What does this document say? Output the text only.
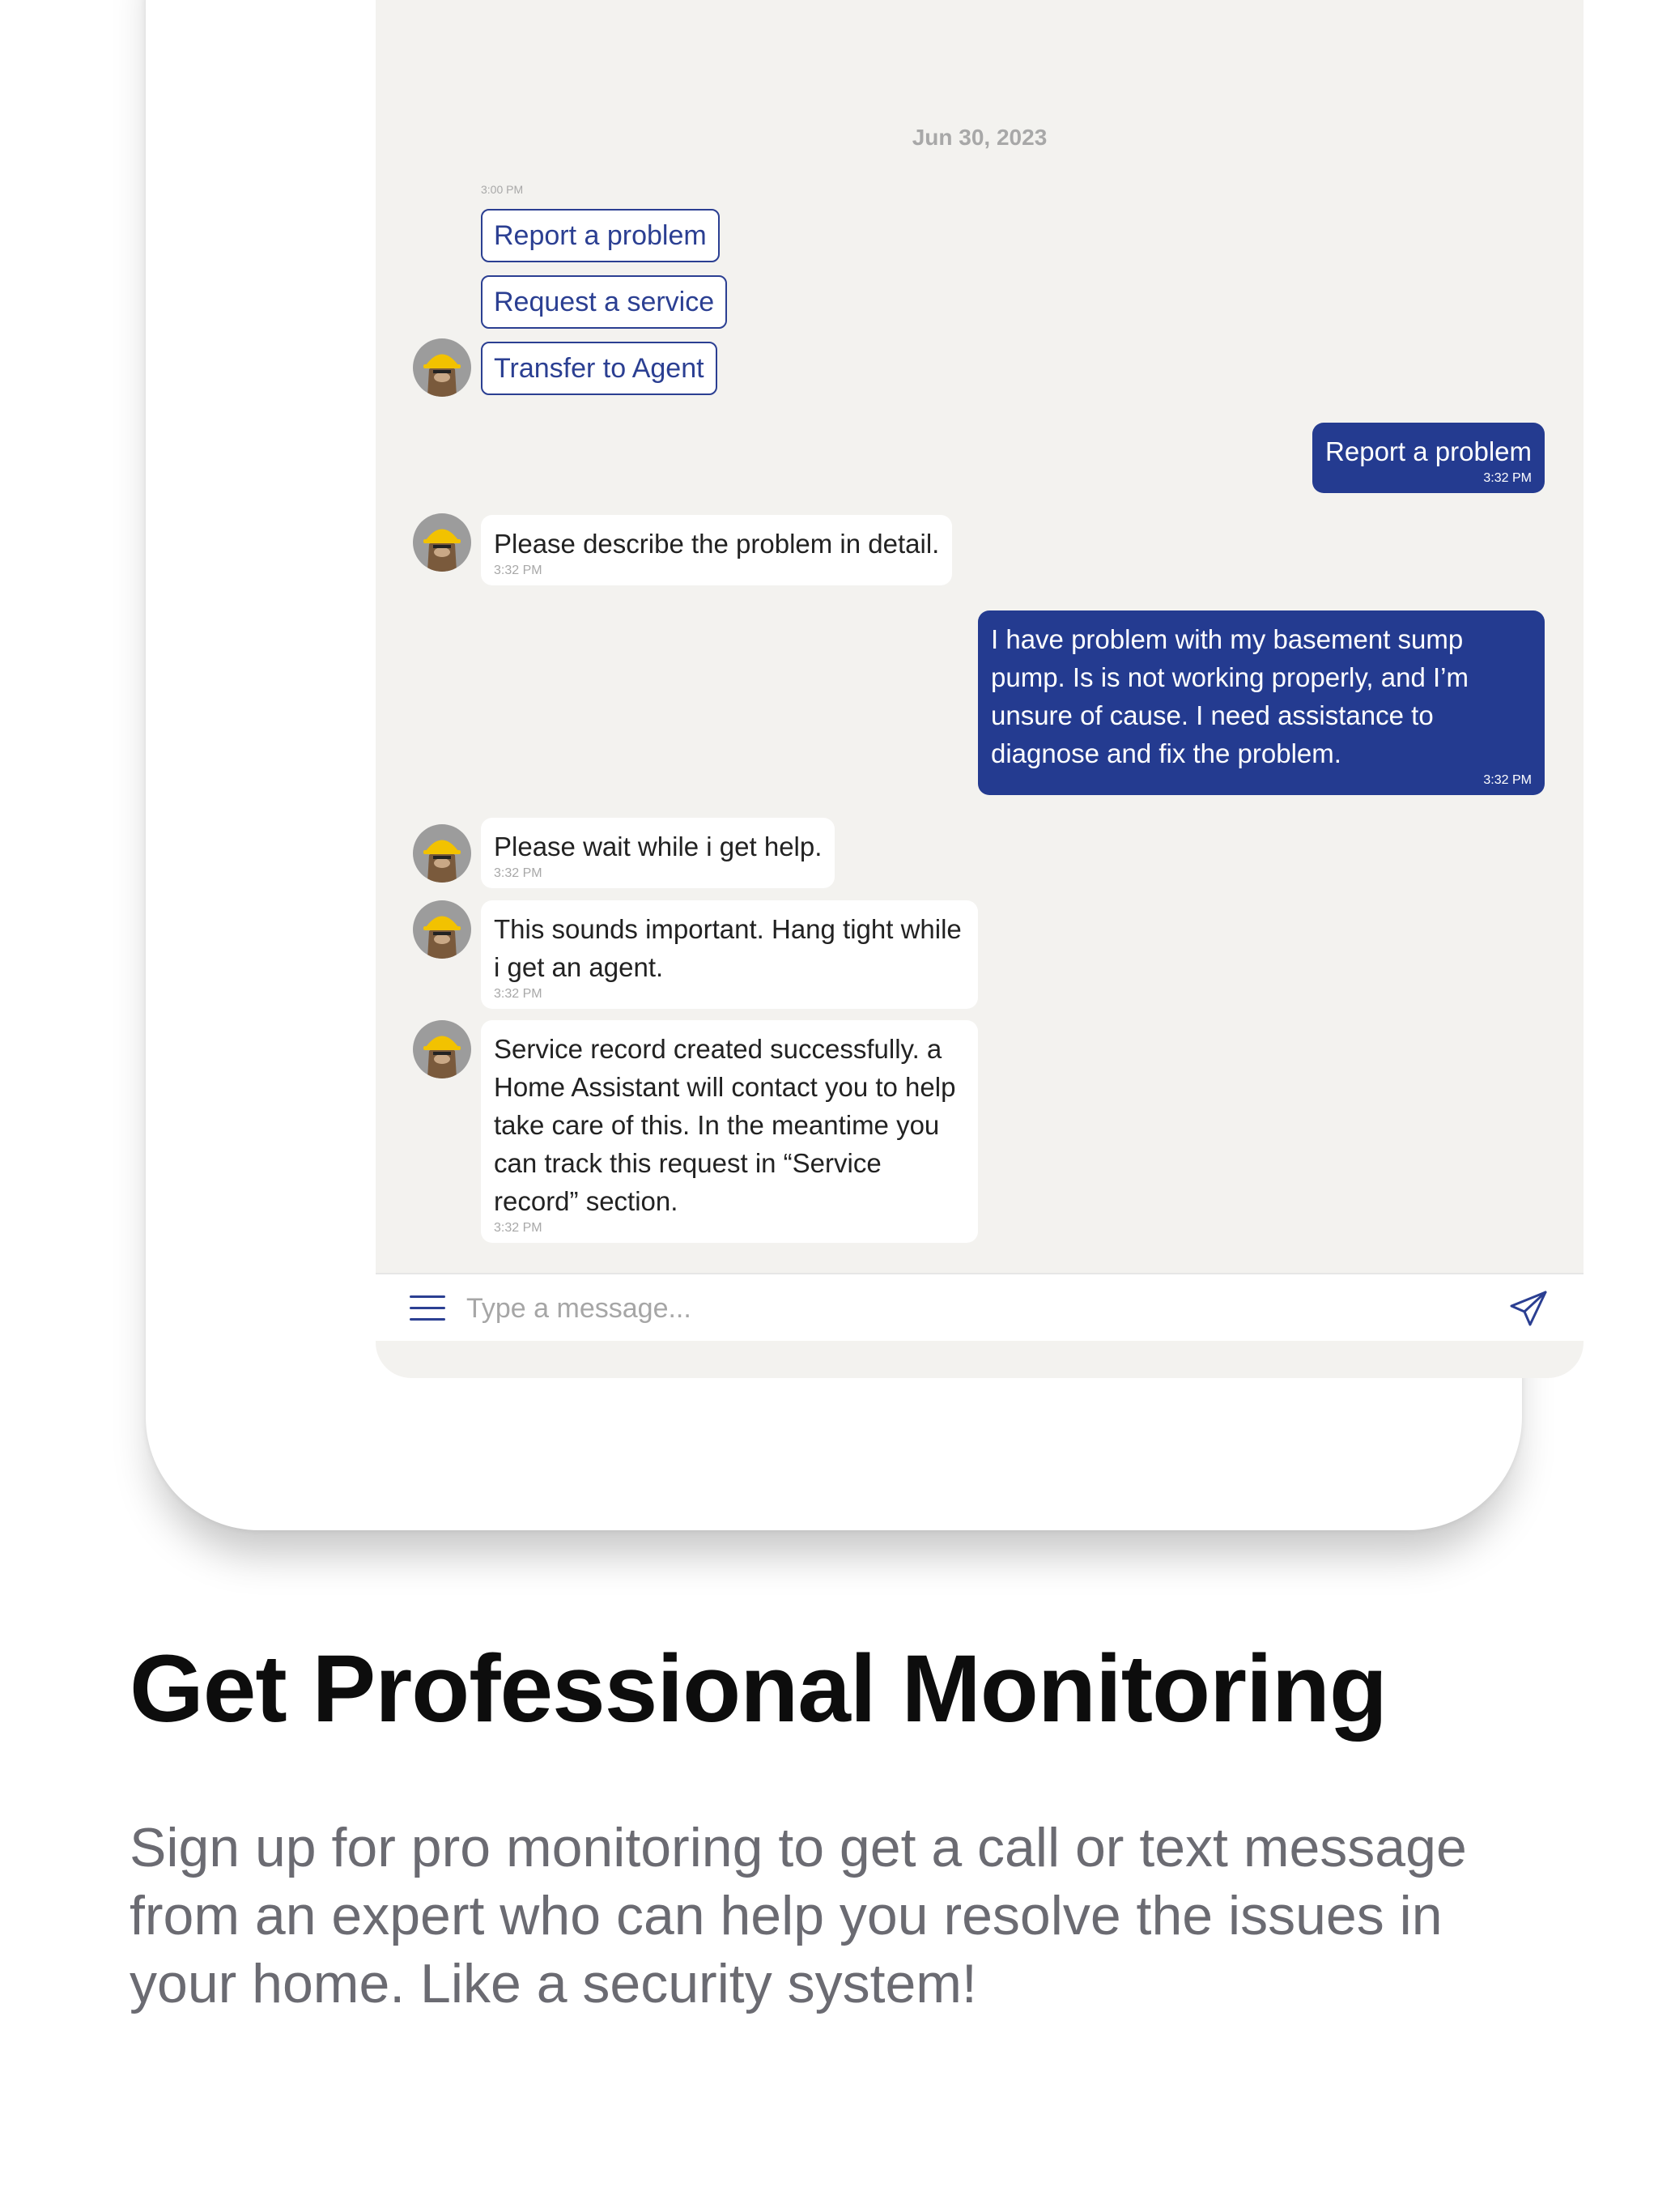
Jun 30, 2023
3:00 PM
Report a problem
Request a service
Transfer to Agent
Report a problem
3:32 PM
Please describe the problem in detail.
3:32 PM
I have problem with my basement sump pump. Is is not working properly, and I’m unsure of cause. I need assistance to diagnose and fix the problem.
3:32 PM
Please wait while i get help.
3:32 PM
This sounds important. Hang tight while i get an agent.
3:32 PM
Service record created successfully. a Home Assistant will contact you to help take care of this. In the meantime you can track this request in “Service record” section.
3:32 PM
Type a message...
Get Professional Monitoring
Sign up for pro monitoring to get a call or text message from an expert who can help you resolve the issues in your home. Like a security system!
